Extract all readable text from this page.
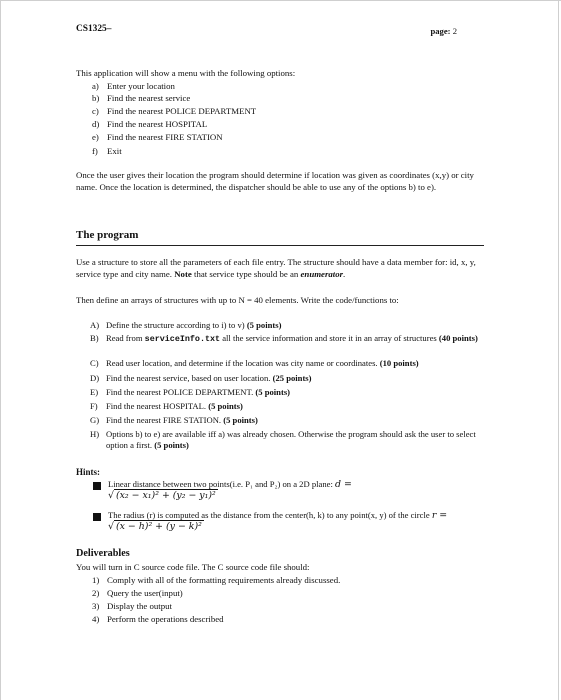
CS1325–	page: 2
This application will show a menu with the following options:
a) Enter your location
b) Find the nearest service
c) Find the nearest POLICE DEPARTMENT
d) Find the nearest HOSPITAL
e) Find the nearest FIRE STATION
f) Exit
Once the user gives their location the program should determine if location was given as coordinates (x,y) or city name. Once the location is determined, the dispatcher should be able to use any of the options b) to e).
The program
Use a structure to store all the parameters of each file entry. The structure should have a data member for: id, x, y, service type and city name. Note that service type should be an enumerator.
Then define an arrays of structures with up to N = 40 elements. Write the code/functions to:
A) Define the structure according to i) to v) (5 points)
B) Read from serviceInfo.txt all the service information and store it in an array of structures (40 points)
C) Read user location, and determine if the location was city name or coordinates. (10 points)
D) Find the nearest service, based on user location. (25 points)
E) Find the nearest POLICE DEPARTMENT. (5 points)
F) Find the nearest HOSPITAL. (5 points)
G) Find the nearest FIRE STATION. (5 points)
H) Options b) to e) are available iff a) was already chosen. Otherwise the program should ask the user to select option a first. (5 points)
Hints:
Linear distance between two points(i.e. P₁ and P₂) on a 2D plane: d =
√ (x₂ − x₁)² + (y₂ − y₁)²
The radius (r) is computed as the distance from the center(h, k) to any point(x, y) of the circle r = √ (x − h)² + (y − k)²
Deliverables
You will turn in C source code file. The C source code file should:
1) Comply with all of the formatting requirements already discussed.
2) Query the user(input)
3) Display the output
4) Perform the operations described
